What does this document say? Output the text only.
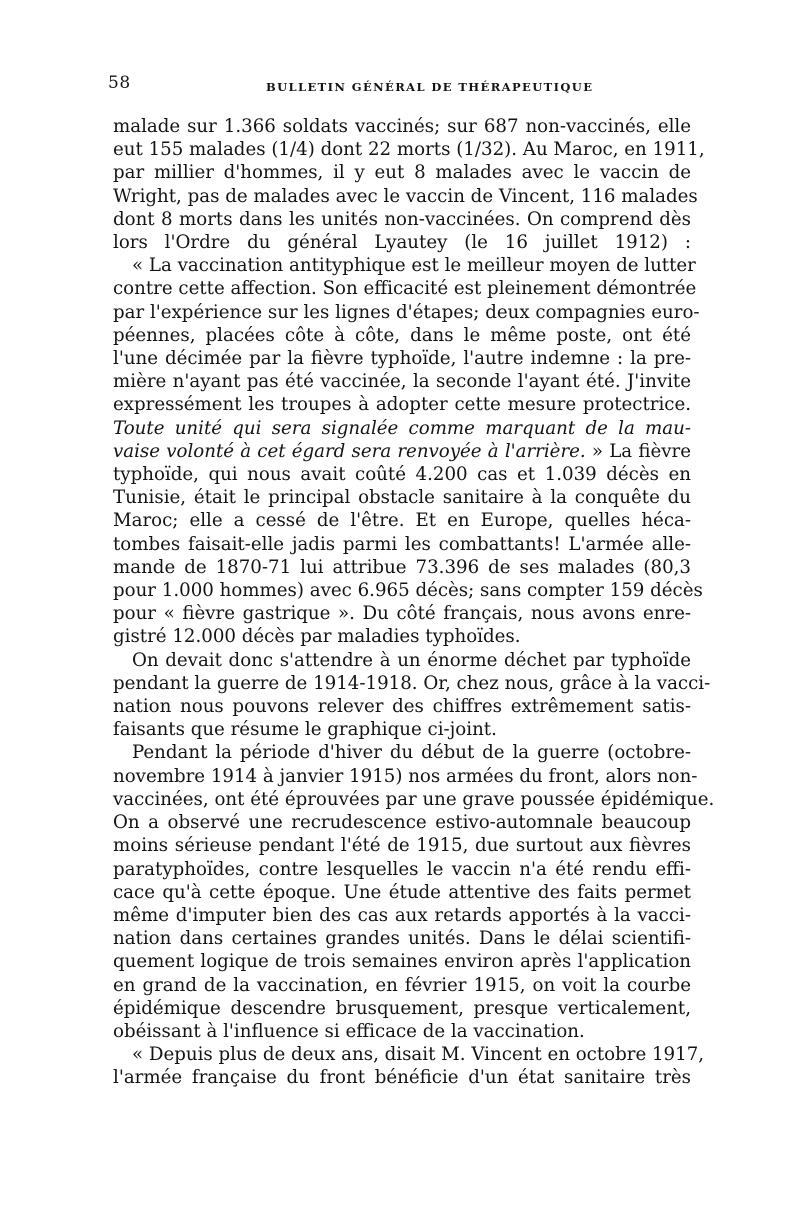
58	BULLETIN GÉNÉRAL DE THÉRAPEUTIQUE

malade sur 1.366 soldats vaccinés; sur 687 non-vaccinés, elle
eut 155 malades (1/4) dont 22 morts (1/32). Au Maroc, en 1911,
par millier d'hommes, il y eut 8 malades avec le vaccin de
Wright, pas de malades avec le vaccin de Vincent, 116 malades
dont 8 morts dans les unités non-vaccinées. On comprend dès
lors l'Ordre du général Lyautey (le 16 juillet 1912) :
« La vaccination antityphique est le meilleur moyen de lutter
contre cette affection. Son efficacité est pleinement démontrée
par l'expérience sur les lignes d'étapes; deux compagnies euro-
péennes, placées côte à côte, dans le même poste, ont été
l'une décimée par la fièvre typhoïde, l'autre indemne : la pre-
mière n'ayant pas été vaccinée, la seconde l'ayant été. J'invite
expressément les troupes à adopter cette mesure protectrice.
Toute unité qui sera signalée comme marquant de la mau-
vaise volonté à cet égard sera renvoyée à l'arrière. » La fièvre
typhoïde, qui nous avait coûté 4.200 cas et 1.039 décès en
Tunisie, était le principal obstacle sanitaire à la conquête du
Maroc; elle a cessé de l'être. Et en Europe, quelles héca-
tombes faisait-elle jadis parmi les combattants! L'armée alle-
mande de 1870-71 lui attribue 73.396 de ses malades (80,3
pour 1.000 hommes) avec 6.965 décès; sans compter 159 décès
pour « fièvre gastrique ». Du côté français, nous avons enre-
gistré 12.000 décès par maladies typhoïdes.

On devait donc s'attendre à un énorme déchet par typhoïde
pendant la guerre de 1914-1918. Or, chez nous, grâce à la vacci-
nation nous pouvons relever des chiffres extrêmement satis-
faisants que résume le graphique ci-joint.

Pendant la période d'hiver du début de la guerre (octobre-
novembre 1914 à janvier 1915) nos armées du front, alors non-
vaccinées, ont été éprouvées par une grave poussée épidémique.
On a observé une recrudescence estivo-automnale beaucoup
moins sérieuse pendant l'été de 1915, due surtout aux fièvres
paratyphoïdes, contre lesquelles le vaccin n'a été rendu effi-
cace qu'à cette époque. Une étude attentive des faits permet
même d'imputer bien des cas aux retards apportés à la vacci-
nation dans certaines grandes unités. Dans le délai scientifi-
quement logique de trois semaines environ après l'application
en grand de la vaccination, en février 1915, on voit la courbe
épidémique descendre brusquement, presque verticalement,
obéissant à l'influence si efficace de la vaccination.

« Depuis plus de deux ans, disait M. Vincent en octobre 1917,
l'armée française du front bénéficie d'un état sanitaire très
